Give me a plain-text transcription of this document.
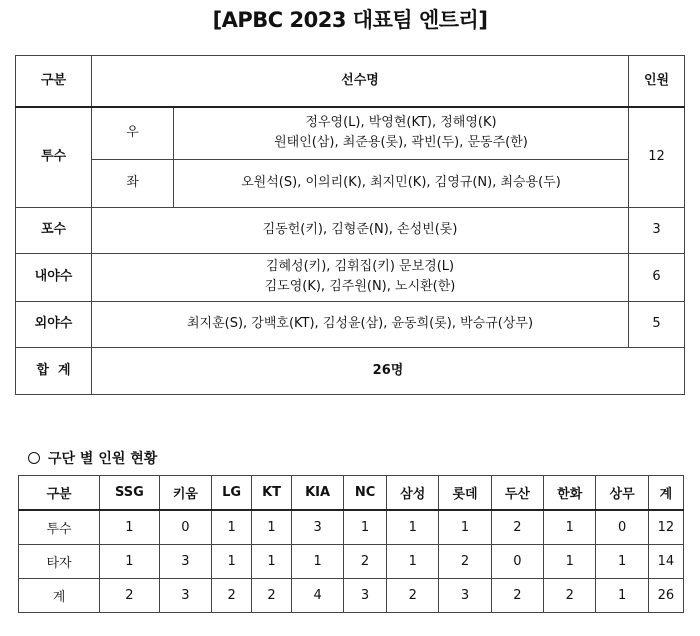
[APBC 2023 대표팀 엔트리]
구분	선수명		인원
투수	우	정우영(L), 박영현(KT), 정해영(K)
원태인(삼), 최준용(롯), 곽빈(두), 문동주(한)	12
	좌	오원석(S), 이의리(K), 최지민(K), 김영규(N), 최승용(두)	
포수	김동헌(키), 김형준(N), 손성빈(롯)		3
내야수	김혜성(키), 김휘집(키) 문보경(L)
김도영(K), 김주원(N), 노시환(한)		6
외야수	최지훈(S), 강백호(KT), 김성윤(삼), 윤동희(롯), 박승규(상무)		5
합  계	26명		
구단 별 인원 현황
구분	SSG	키움	LG	KT	KIA	NC	삼성	롯데	두산	한화	상무	계
투수	1	0	1	1	3	1	1	1	2	1	0	12
타자	1	3	1	1	1	2	1	2	0	1	1	14
계	2	3	2	2	4	3	2	3	2	2	1	26
